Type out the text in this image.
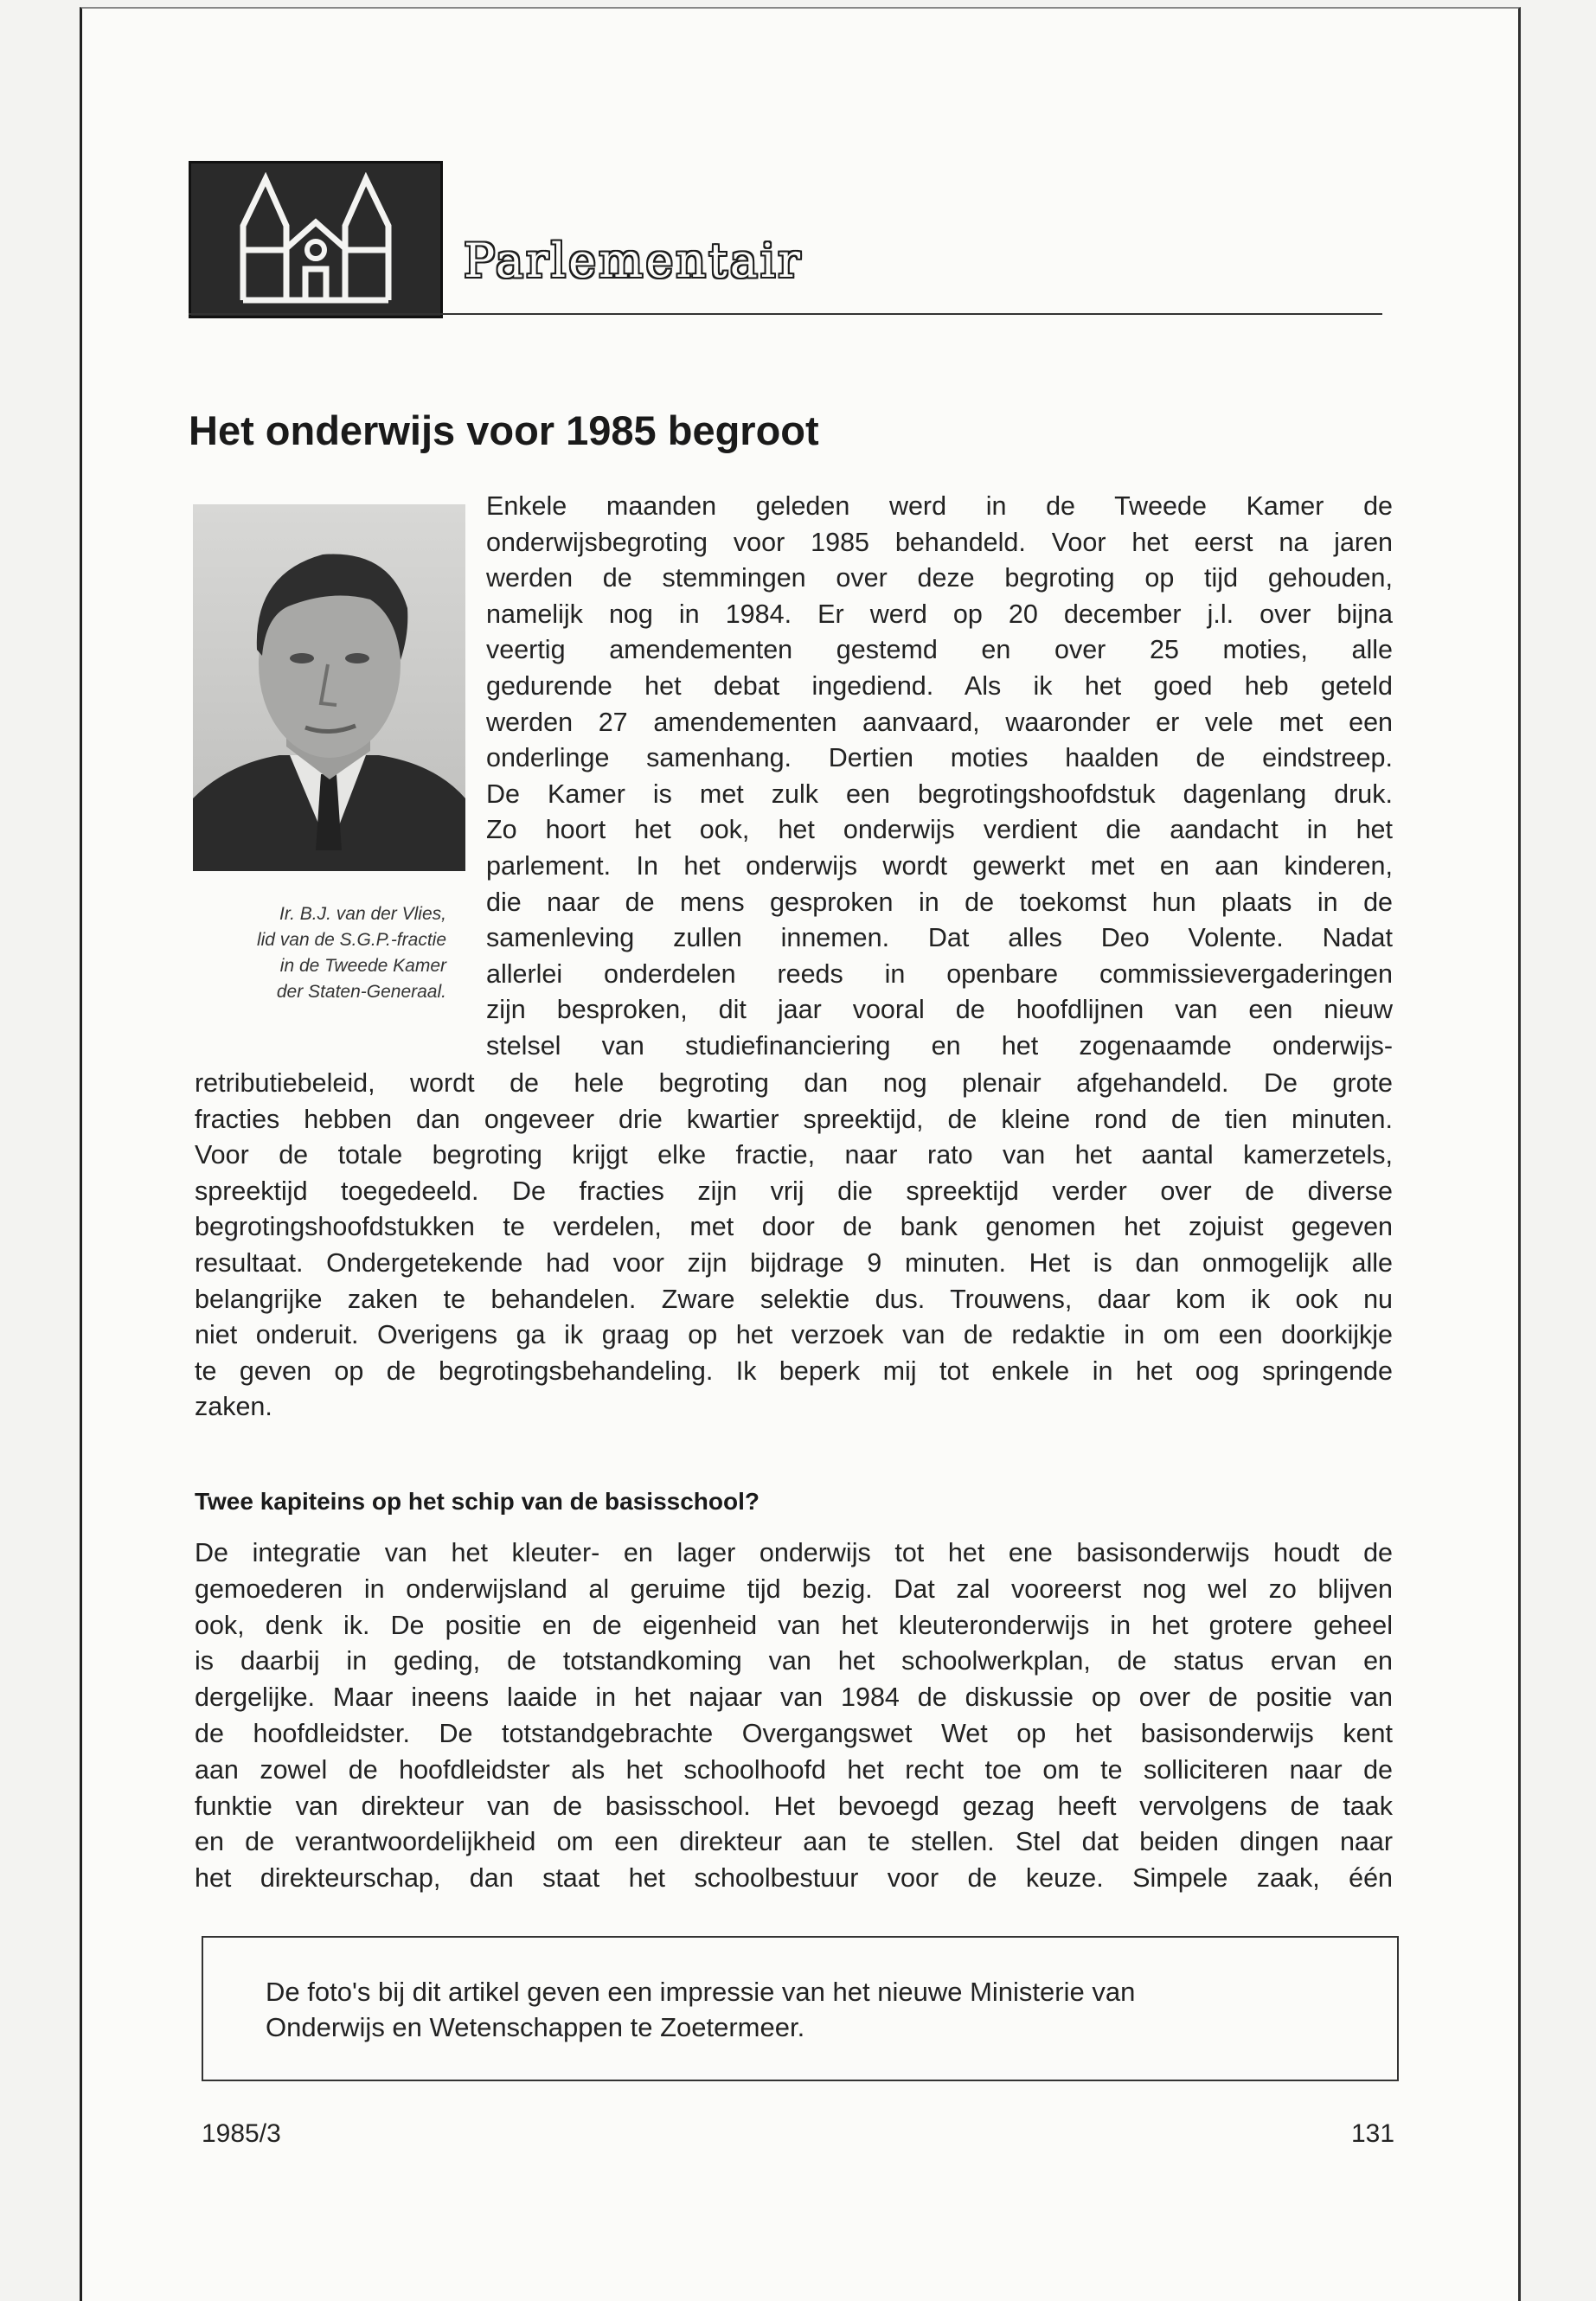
Parlementair
Het onderwijs voor 1985 begroot
Ir. B.J. van der Vlies,
lid van de S.G.P.-fractie
in de Tweede Kamer
der Staten-Generaal.
Enkele maanden geleden werd in de Tweede Kamer de
onderwijsbegroting voor 1985 behandeld. Voor het eerst na jaren
werden de stemmingen over deze begroting op tijd gehouden,
namelijk nog in 1984. Er werd op 20 december j.l. over bijna
veertig amendementen gestemd en over 25 moties, alle
gedurende het debat ingediend. Als ik het goed heb geteld
werden 27 amendementen aanvaard, waaronder er vele met een
onderlinge samenhang. Dertien moties haalden de eindstreep.
De Kamer is met zulk een begrotingshoofdstuk dagenlang druk.
Zo hoort het ook, het onderwijs verdient die aandacht in het
parlement. In het onderwijs wordt gewerkt met en aan kinderen,
die naar de mens gesproken in de toekomst hun plaats in de
samenleving zullen innemen. Dat alles Deo Volente. Nadat
allerlei onderdelen reeds in openbare commissievergaderingen
zijn besproken, dit jaar vooral de hoofdlijnen van een nieuw
stelsel van studiefinanciering en het zogenaamde onderwijs-
retributiebeleid, wordt de hele begroting dan nog plenair afgehandeld. De grote
fracties hebben dan ongeveer drie kwartier spreektijd, de kleine rond de tien minuten.
Voor de totale begroting krijgt elke fractie, naar rato van het aantal kamerzetels,
spreektijd toegedeeld. De fracties zijn vrij die spreektijd verder over de diverse
begrotingshoofdstukken te verdelen, met door de bank genomen het zojuist gegeven
resultaat. Ondergetekende had voor zijn bijdrage 9 minuten. Het is dan onmogelijk alle
belangrijke zaken te behandelen. Zware selektie dus. Trouwens, daar kom ik ook nu
niet onderuit. Overigens ga ik graag op het verzoek van de redaktie in om een doorkijkje
te geven op de begrotingsbehandeling. Ik beperk mij tot enkele in het oog springende
zaken.
Twee kapiteins op het schip van de basisschool?
De integratie van het kleuter- en lager onderwijs tot het ene basisonderwijs houdt de
gemoederen in onderwijsland al geruime tijd bezig. Dat zal vooreerst nog wel zo blijven
ook, denk ik. De positie en de eigenheid van het kleuteronderwijs in het grotere geheel
is daarbij in geding, de totstandkoming van het schoolwerkplan, de status ervan en
dergelijke. Maar ineens laaide in het najaar van 1984 de diskussie op over de positie van
de hoofdleidster. De totstandgebrachte Overgangswet Wet op het basisonderwijs kent
aan zowel de hoofdleidster als het schoolhoofd het recht toe om te solliciteren naar de
funktie van direkteur van de basisschool. Het bevoegd gezag heeft vervolgens de taak
en de verantwoordelijkheid om een direkteur aan te stellen. Stel dat beiden dingen naar
het direkteurschap, dan staat het schoolbestuur voor de keuze. Simpele zaak, één
De foto's bij dit artikel geven een impressie van het nieuwe Ministerie van
Onderwijs en Wetenschappen te Zoetermeer.
1985/3	131
